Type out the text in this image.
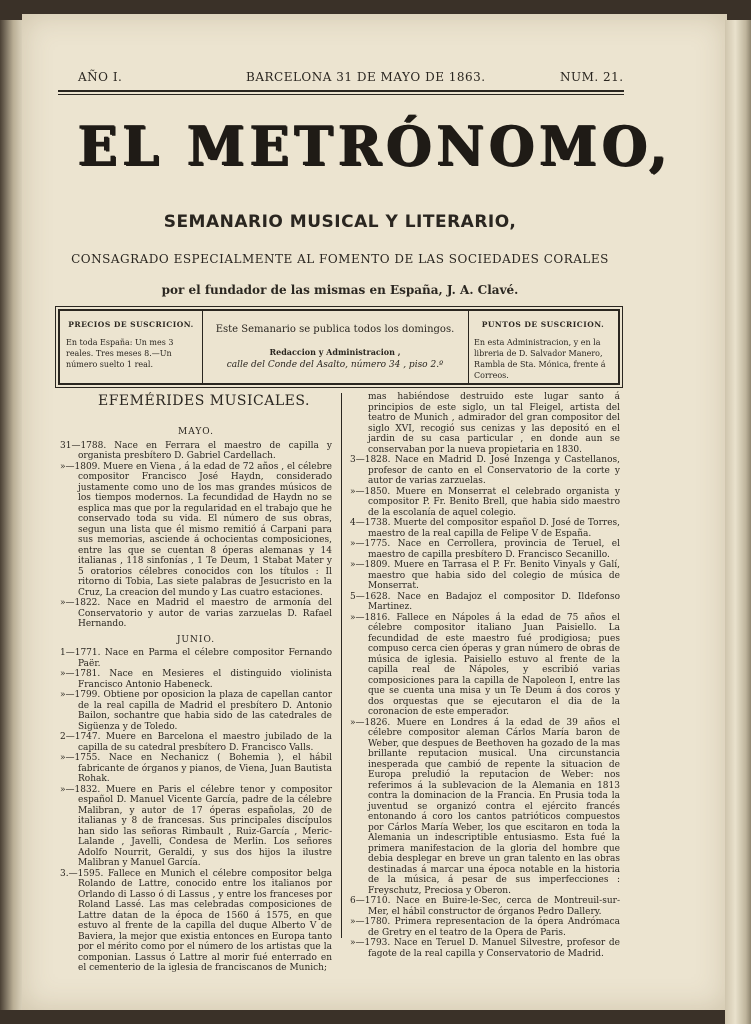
AÑO I.	BARCELONA 31 DE MAYO DE 1863.	NUM. 21.
EL METRÓNOMO,
SEMANARIO MUSICAL Y LITERARIO,
CONSAGRADO ESPECIALMENTE AL FOMENTO DE LAS SOCIEDADES CORALES
por el fundador de las mismas en España, J. A. Clavé.
PRECIOS DE SUSCRICION.
En toda España: Un mes 3 reales. Tres meses 8.—Un número suelto 1 real.
Este Semanario se publica todos los domingos.
Redaccion y Administracion ,
calle del Conde del Asalto, número 34 , piso 2.º
PUNTOS DE SUSCRICION.
En esta Administracion, y en la libreria de D. Salvador Manero, Rambla de Sta. Mónica, frente á Correos.
EFEMÉRIDES MUSICALES.

MAYO.

31—1788. Nace en Ferrara el maestro de capilla y organista presbítero D. Gabriel Cardellach.

»—1809. Muere en Viena , á la edad de 72 años , el célebre compositor Francisco José Haydn, considerado justamente como uno de los mas grandes músicos de los tiempos modernos. La fecundidad de Haydn no se esplica mas que por la regularidad en el trabajo que he conservado toda su vida. El número de sus obras, segun una lista que él mismo remitió á Carpani para sus memorias, asciende á ochocientas composiciones, entre las que se cuentan 8 óperas alemanas y 14 italianas , 118 sinfonías , 1 Te Deum, 1 Stabat Mater y 5 oratorios célebres conocidos con los títulos : Il ritorno di Tobia, Las siete palabras de Jesucristo en la Cruz, La creacion del mundo y Las cuatro estaciones.

»—1822. Nace en Madrid el maestro de armonía del Conservatorio y autor de varias zarzuelas D. Rafael Hernando.

JUNIO.

1—1771. Nace en Parma el célebre compositor Fernando Paër.

»—1781. Nace en Mesieres el distinguido violinista Francisco Antonio Habeneck.

»—1799. Obtiene por oposicion la plaza de capellan cantor de la real capilla de Madrid el presbítero D. Antonio Bailon, sochantre que habia sido de las catedrales de Sigüenza y de Toledo.

2—1747. Muere en Barcelona el maestro jubilado de la capilla de su catedral presbítero D. Francisco Valls.

»—1755. Nace en Nechanicz ( Bohemia ), el hábil fabricante de órganos y pianos, de Viena, Juan Bautista Rohak.

»—1832. Muere en Paris el célebre tenor y compositor español D. Manuel Vicente García, padre de la célebre Malibran, y autor de 17 óperas españolas, 20 de italianas y 8 de francesas. Sus principales discípulos han sido las señoras Rimbault , Ruiz-García , Meric-Lalande , Javelli, Condesa de Merlin. Los señores Adolfo Nourrit, Geraldi, y sus dos hijos la ilustre Malibran y Manuel García.

3.—1595. Fallece en Munich el célebre compositor belga Rolando de Lattre, conocido entre los italianos por Orlando di Lasso ó di Lassus , y entre los franceses por Roland Lassé. Las mas celebradas composiciones de Lattre datan de la época de 1560 á 1575, en que estuvo al frente de la capilla del duque Alberto V de Baviera, la mejor que existia entonces en Europa tanto por el mérito como por el número de los artistas que la componian. Lassus ó Lattre al morir fué enterrado en el cementerio de la iglesia de franciscanos de Munich;

mas habiéndose destruido este lugar santo á principios de este siglo, un tal Fleigel, artista del teatro de Munich , admirador del gran compositor del siglo XVI, recogió sus cenizas y las depositó en el jardin de su casa particular , en donde aun se conservaban por la nueva propietaria en 1830.

3—1828. Nace en Madrid D. José Inzenga y Castellanos, profesor de canto en el Conservatorio de la corte y autor de varias zarzuelas.

»—1850. Muere en Monserrat el celebrado organista y compositor P. Fr. Benito Brell, que habia sido maestro de la escolanía de aquel colegio.

4—1738. Muerte del compositor español D. José de Torres, maestro de la real capilla de Felipe V de España.

»—1775. Nace en Cerrollera, provincia de Teruel, el maestro de capilla presbítero D. Francisco Secanillo.

»—1809. Muere en Tarrasa el P. Fr. Benito Vinyals y Galí, maestro que habia sido del colegio de música de Monserrat.

5—1628. Nace en Badajoz el compositor D. Ildefonso Martinez.

»—1816. Fallece en Nápoles á la edad de 75 años el célebre compositor italiano Juan Paisiello. La fecundidad de este maestro fué prodigiosa; pues compuso cerca cien óperas y gran número de obras de música de iglesia. Paisiello estuvo al frente de la capilla real de Nápoles, y escribió varias composiciones para la capilla de Napoleon I, entre las que se cuenta una misa y un Te Deum á dos coros y dos orquestas que se ejecutaron el dia de la coronacion de este emperador.

»—1826. Muere en Londres á la edad de 39 años el célebre compositor aleman Cárlos María baron de Weber, que despues de Beethoven ha gozado de la mas brillante reputacion musical. Una circunstancia inesperada que cambió de repente la situacion de Europa preludió la reputacion de Weber: nos referimos á la sublevacion de la Alemania en 1813 contra la dominacion de la Francia. En Prusia toda la juventud se organizó contra el ejército francés entonando á coro los cantos patrióticos compuestos por Cárlos María Weber, los que escitaron en toda la Alemania un indescriptible entusiasmo. Esta fué la primera manifestacion de la gloria del hombre que debia desplegar en breve un gran talento en las obras destinadas á marcar una época notable en la historia de la música, á pesar de sus imperfecciones : Freyschutz, Preciosa y Oberon.

6—1710. Nace en Buire-le-Sec, cerca de Montreuil-sur-Mer, el hábil constructor de órganos Pedro Dallery.

»—1780. Primera representacion de la ópera Andrómaca de Gretry en el teatro de la Opera de Paris.

»—1793. Nace en Teruel D. Manuel Silvestre, profesor de fagote de la real capilla y Conservatorio de Madrid.
